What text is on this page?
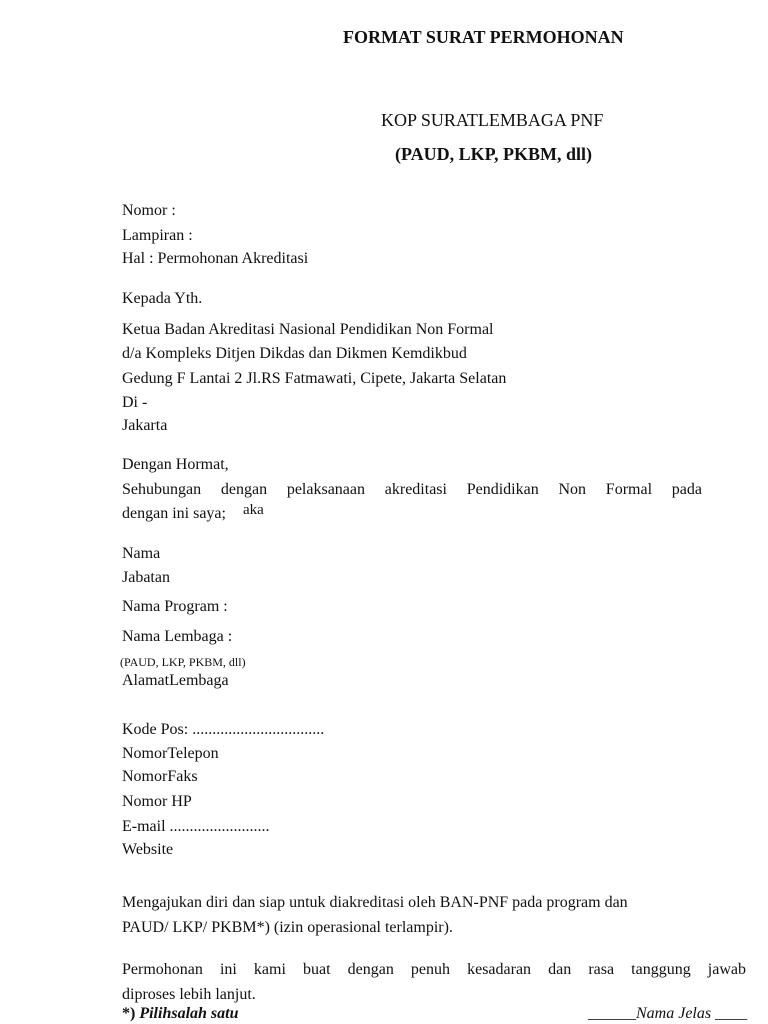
FORMAT SURAT PERMOHONAN
KOP SURATLEMBAGA PNF
(PAUD, LKP, PKBM, dll)
Nomor :
Lampiran :
Hal : Permohonan Akreditasi
Kepada Yth.
Ketua Badan Akreditasi Nasional Pendidikan Non Formal
d/a Kompleks Ditjen Dikdas dan Dikmen Kemdikbud
Gedung F Lantai 2 Jl.RS Fatmawati, Cipete, Jakarta Selatan
Di -
Jakarta
Dengan Hormat,
Sehubungan dengan pelaksanaan akreditasi Pendidikan Non Formal pada
dengan ini saya; aka
Nama
Jabatan
Nama Program :
Nama Lembaga :
(PAUD, LKP, PKBM, dll)
AlamatLembaga
Kode Pos: .................................
NomorTelepon
NomorFaks
Nomor HP
E-mail .........................
Website
Mengajukan diri dan siap untuk diakreditasi oleh BAN-PNF pada program dan
PAUD/ LKP/ PKBM*) (izin operasional terlampir).
Permohonan ini kami buat dengan penuh kesadaran dan rasa tanggung jawab
diproses lebih lanjut.
*) Pilihsalah satu	______Nama Jelas ____
